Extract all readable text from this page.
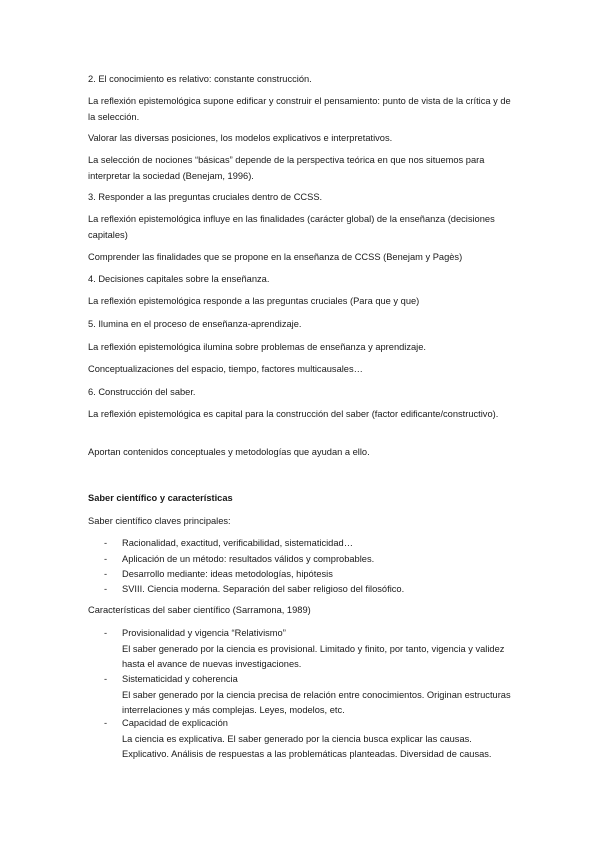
2. El conocimiento es relativo: constante construcción.

La reflexión epistemológica supone edificar y construir el pensamiento: punto de vista de la crítica y de la selección.

Valorar las diversas posiciones, los modelos explicativos e interpretativos.

La selección de nociones “básicas” depende de la perspectiva teórica en que nos situemos para interpretar la sociedad (Benejam, 1996).

3. Responder a las preguntas cruciales dentro de CCSS.

La reflexión epistemológica influye en las finalidades (carácter global) de la enseñanza (decisiones capitales)

Comprender las finalidades que se propone en la enseñanza de CCSS (Benejam y Pagès)

4. Decisiones capitales sobre la enseñanza.

La reflexión epistemológica responde a las preguntas cruciales (Para que y que)

5. Ilumina en el proceso de enseñanza-aprendizaje.

La reflexión epistemológica ilumina sobre problemas de enseñanza y aprendizaje.

Conceptualizaciones del espacio, tiempo, factores multicausales…

6. Construcción del saber.

La reflexión epistemológica es capital para la construcción del saber (factor edificante/constructivo).

Aportan contenidos conceptuales y metodologías que ayudan a ello.

Saber científico y características

Saber científico claves principales:

- Racionalidad, exactitud, verificabilidad, sistematicidad…
- Aplicación de un método: resultados válidos y comprobables.
- Desarrollo mediante: ideas metodologías, hipótesis
- SVIII. Ciencia moderna. Separación del saber religioso del filosófico.

Características del saber científico (Sarramona, 1989)

- Provisionalidad y vigencia “Relativismo”
El saber generado por la ciencia es provisional. Limitado y finito, por tanto, vigencia y validez hasta el avance de nuevas investigaciones.
- Sistematicidad y coherencia
El saber generado por la ciencia precisa de relación entre conocimientos. Originan estructuras interrelaciones y más complejas. Leyes, modelos, etc.
- Capacidad de explicación
La ciencia es explicativa. El saber generado por la ciencia busca explicar las causas. Explicativo. Análisis de respuestas a las problemáticas planteadas. Diversidad de causas.
